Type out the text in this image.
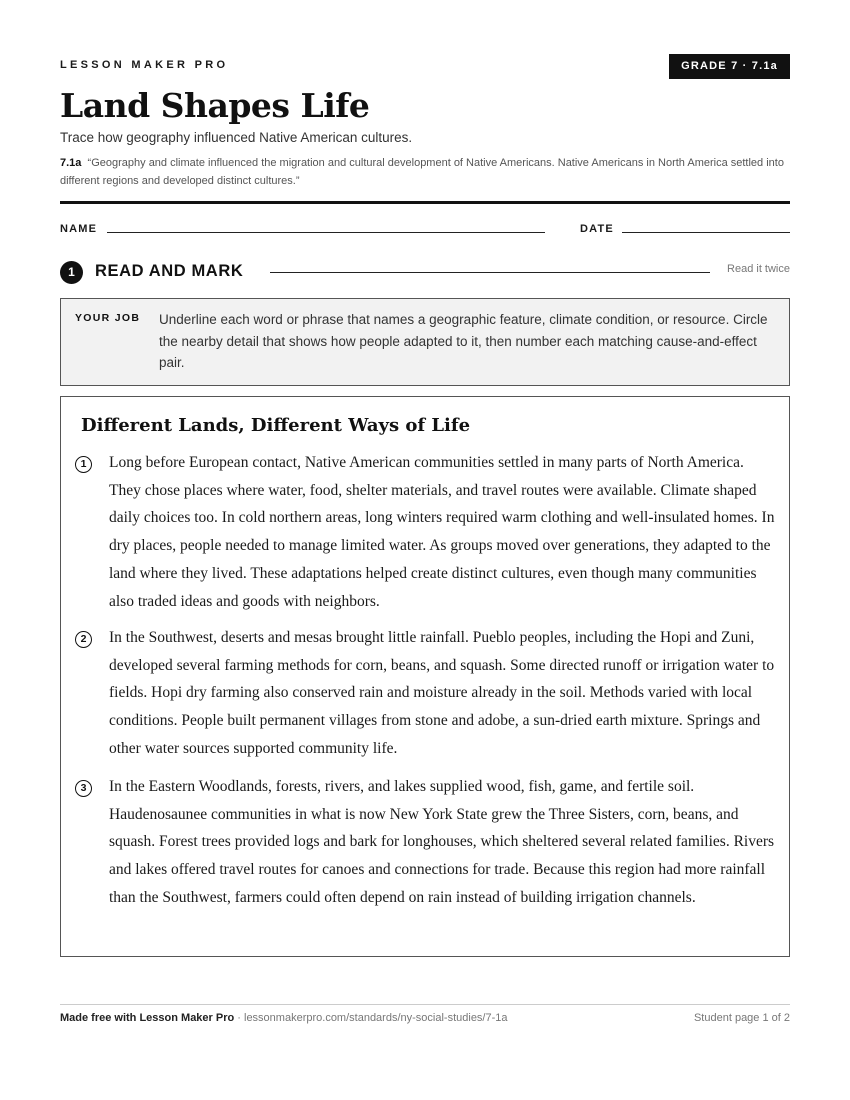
LESSON MAKER PRO	GRADE 7 · 7.1a
Land Shapes Life
Trace how geography influenced Native American cultures.
7.1a “Geography and climate influenced the migration and cultural development of Native Americans. Native Americans in North America settled into different regions and developed distinct cultures.”
NAME	DATE
1	READ AND MARK	Read it twice
YOUR JOB Underline each word or phrase that names a geographic feature, climate condition, or resource. Circle the nearby detail that shows how people adapted to it, then number each matching cause-and-effect pair.
Different Lands, Different Ways of Life
1	Long before European contact, Native American communities settled in many parts of North America. They chose places where water, food, shelter materials, and travel routes were available. Climate shaped daily choices too. In cold northern areas, long winters required warm clothing and well-insulated homes. In dry places, people needed to manage limited water. As groups moved over generations, they adapted to the land where they lived. These adaptations helped create distinct cultures, even though many communities also traded ideas and goods with neighbors.

2	In the Southwest, deserts and mesas brought little rainfall. Pueblo peoples, including the Hopi and Zuni, developed several farming methods for corn, beans, and squash. Some directed runoff or irrigation water to fields. Hopi dry farming also conserved rain and moisture already in the soil. Methods varied with local conditions. People built permanent villages from stone and adobe, a sun-dried earth mixture. Springs and other water sources supported community life.

3	In the Eastern Woodlands, forests, rivers, and lakes supplied wood, fish, game, and fertile soil. Haudenosaunee communities in what is now New York State grew the Three Sisters, corn, beans, and squash. Forest trees provided logs and bark for longhouses, which sheltered several related families. Rivers and lakes offered travel routes for canoes and connections for trade. Because this region had more rainfall than the Southwest, farmers could often depend on rain instead of building irrigation channels.

Made free with Lesson Maker Pro · lessonmakerpro.com/standards/ny-social-studies/7-1a	Student page 1 of 2
